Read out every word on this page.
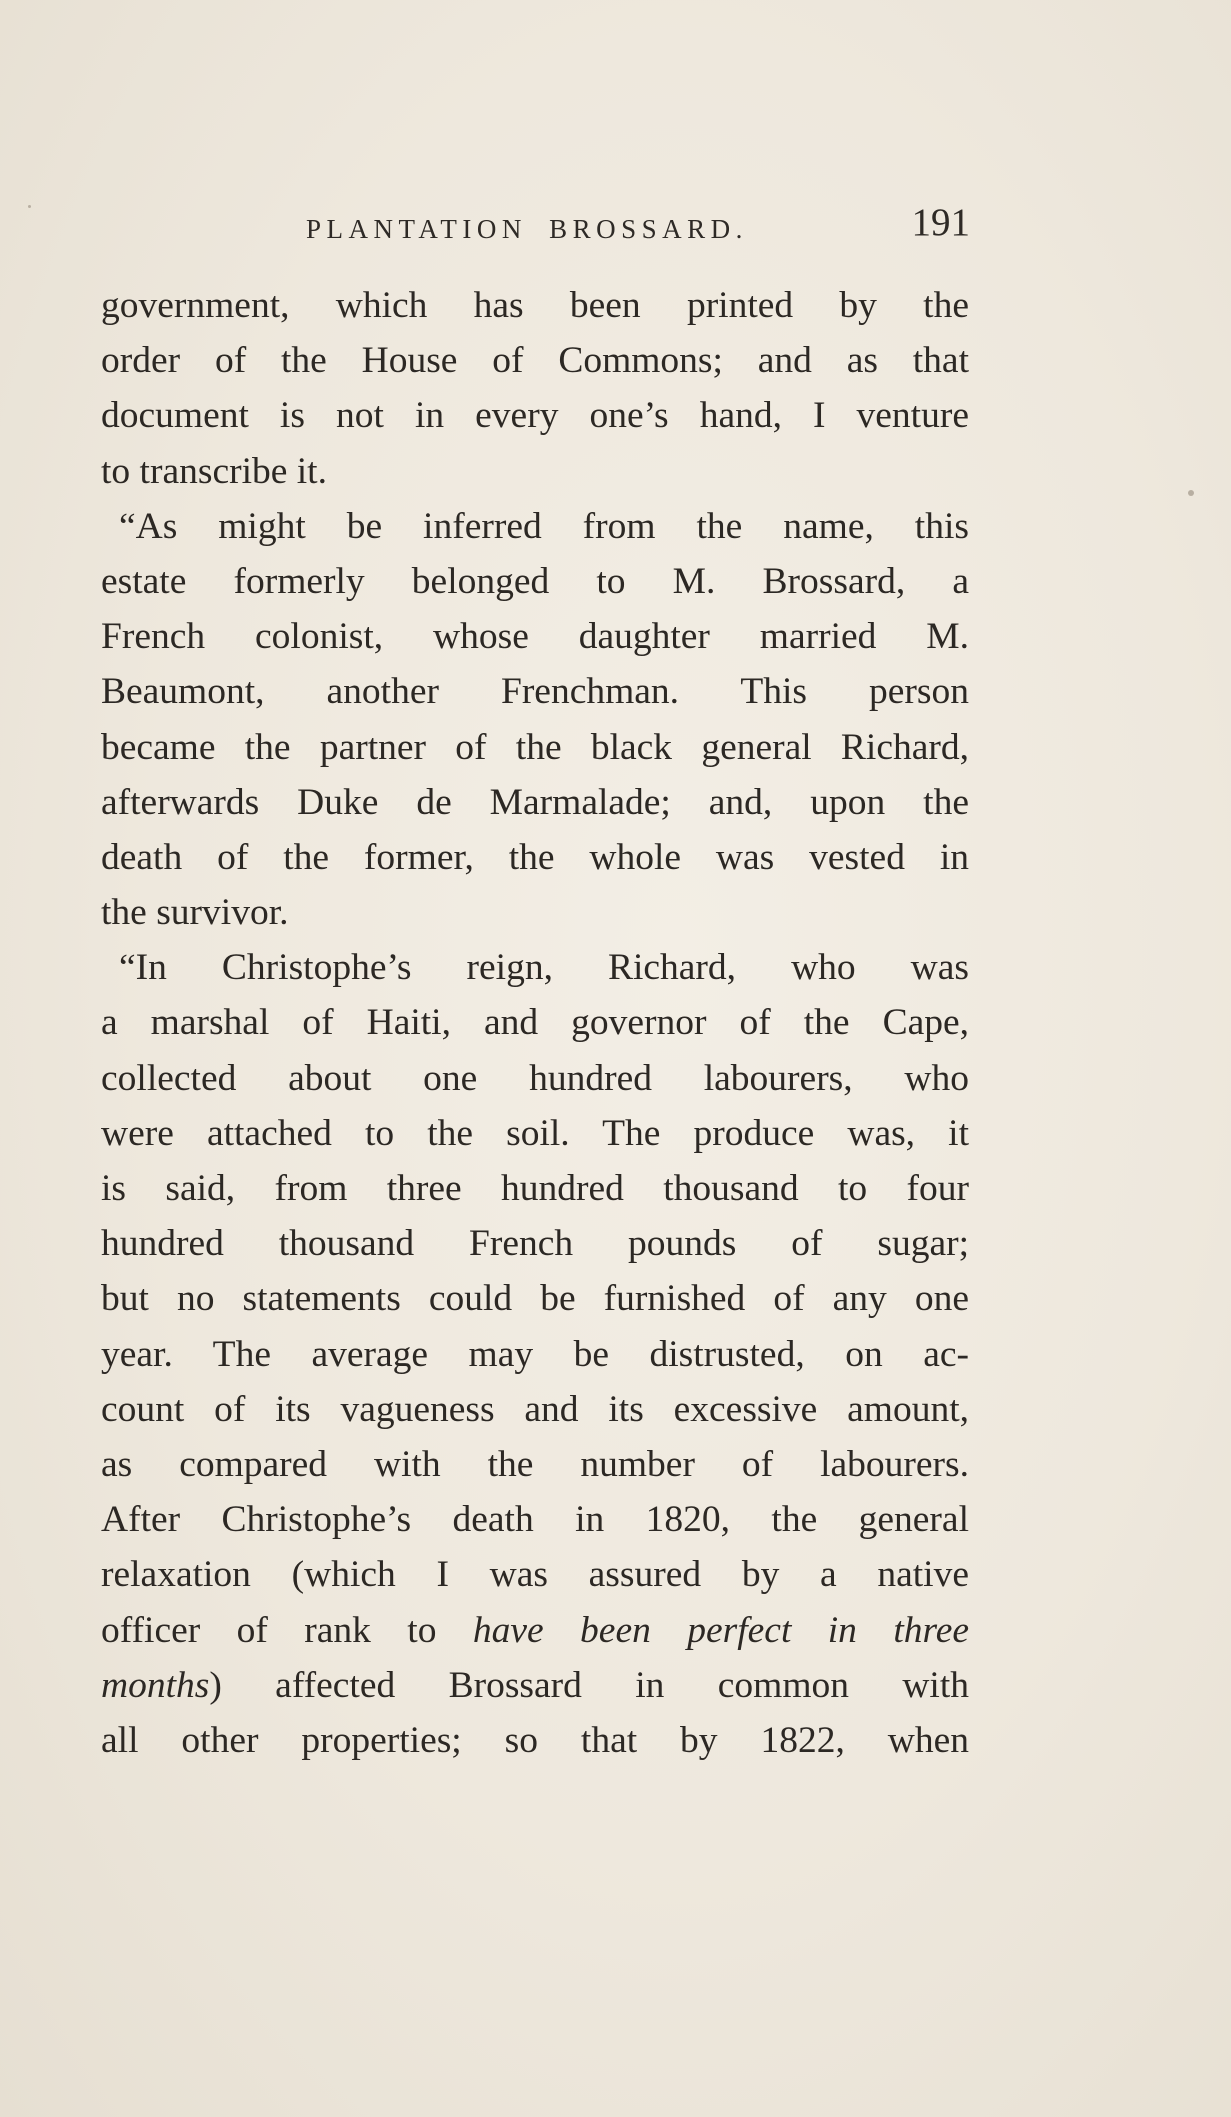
PLANTATION BROSSARD.	191
government, which has been printed by the
order of the House of Commons; and as that
document is not in every one’s hand, I venture
to transcribe it.
“As might be inferred from the name, this
estate formerly belonged to M. Brossard, a
French colonist, whose daughter married M.
Beaumont, another Frenchman. This person
became the partner of the black general Richard,
afterwards Duke de Marmalade; and, upon the
death of the former, the whole was vested in
the survivor.
“In Christophe’s reign, Richard, who was
a marshal of Haiti, and governor of the Cape,
collected about one hundred labourers, who
were attached to the soil. The produce was, it
is said, from three hundred thousand to four
hundred thousand French pounds of sugar;
but no statements could be furnished of any one
year. The average may be distrusted, on ac-
count of its vagueness and its excessive amount,
as compared with the number of labourers.
After Christophe’s death in 1820, the general
relaxation (which I was assured by a native
officer of rank to have been perfect in three
months) affected Brossard in common with
all other properties; so that by 1822, when
